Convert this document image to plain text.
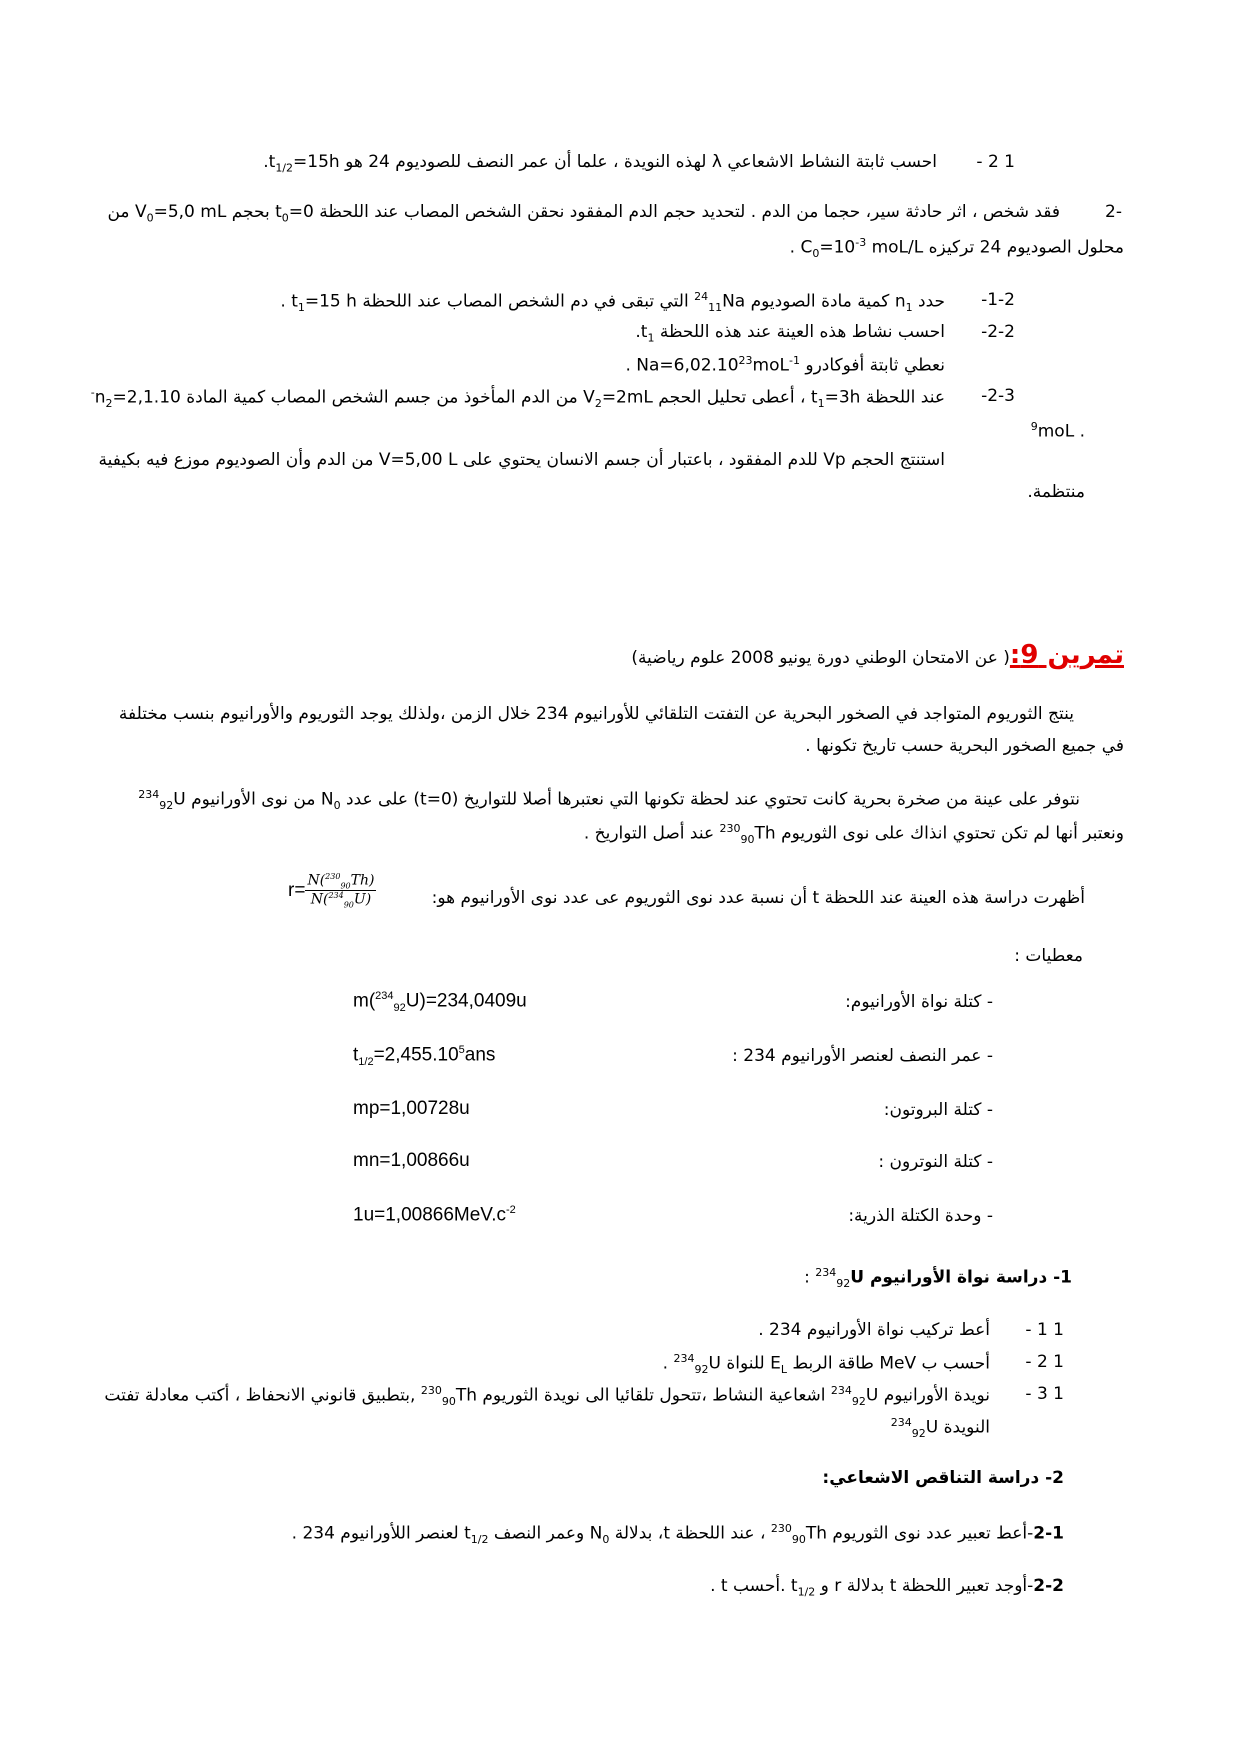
احسب ثابتة النشاط الاشعاعي λ لهذه النويدة ، علما أن عمر النصف للصوديوم 24 هو $t_{1/2}=15h$.	- 2 1
فقد شخص ، اثر حادثة سير، حجما من الدم . لتحديد حجم الدم المفقود نحقن الشخص المصاب عند اللحظة $t_0=0$ بحجم $V_0=5,0$ mL من	2-
محلول الصوديوم 24 تركيزه $C_0=10^{-3}$ moL/L .
حدد $n_1$ كمية مادة الصوديوم $^{24}_{11}$Na التي تبقى في دم الشخص المصاب عند اللحظة $t_1=15$ h .	-1-2
احسب نشاط هذه العينة عند هذه اللحظة $t_1$.	-2-2
نعطي ثابتة أفوكادرو $Na=6,02.10^{23}moL^{-1}$ .
عند اللحظة $t_1=3h$ ، أعطى تحليل الحجم $V_2=2mL$ من الدم المأخوذ من جسم الشخص المصاب كمية المادة $n_2=2,1.10^-$	-2-3
$^9$moL .
استنتج الحجم Vp للدم المفقود ، باعتبار أن جسم الانسان يحتوي على V=5,00 L من الدم وأن الصوديوم موزع فيه بكيفية
منتظمة.
تمرين 9:( عن الامتحان الوطني دورة يونيو 2008 علوم رياضية)
ينتج الثوريوم المتواجد في الصخور البحرية عن التفتت التلقائي للأورانيوم 234 خلال الزمن ،ولذلك يوجد الثوريوم والأورانيوم بنسب مختلفة
في جميع الصخور البحرية حسب تاريخ تكونها .
نتوفر على عينة من صخرة بحرية كانت تحتوي عند لحظة تكونها التي نعتبرها أصلا للتواريخ (t=0) على عدد $N_0$ من نوى الأورانيوم $^{234}_{92}$U
ونعتبر أنها لم تكن تحتوي انذاك على نوى الثوريوم $^{230}_{90}$Th عند أصل التواريخ .
أظهرت دراسة هذه العينة عند اللحظة t أن نسبة عدد نوى الثوريوم عى عدد نوى الأورانيوم هو:
معطيات :
1- دراسة نواة الأورانيوم $^{234}_{92}$U :
أعط تركيب نواة الأورانيوم 234 . - 1 1
أحسب ب MeV طاقة الربط $E_L$ للنواة $^{234}_{92}$U .	- 2 1
نويدة الأورانيوم $^{234}_{92}$U اشعاعية النشاط ،تتحول تلقائيا الى نويدة الثوريوم $^{230}_{90}$Th ,بتطبيق قانوني الانحفاظ ، أكتب معادلة تفتت	- 3 1
النويدة $^{234}_{92}$U
2- دراسة التناقص الاشعاعي:
2-1-أعط تعبير عدد نوى الثوريوم $^{230}_{90}$Th ، عند اللحظة t، بدلالة $N_0$ وعمر النصف $t_{1/2}$ لعنصر اللأورانيوم 234 .
2-2-أوجد تعبير اللحظة t بدلالة r و $t_{1/2}$ .أحسب t .
$r= \frac{N(^{230}_{90}Th)}{N(^{234}_{90}U)}$
- كتلة نواة الأورانيوم:
m($^{234}_{92}$U)=234,0409u
- عمر النصف لعنصر الأورانيوم 234 :
$t_{1/2}=2,455.10^5ans$
- كتلة البروتون:
mp=1,00728u
- كتلة النوترون :
mn=1,00866u
- وحدة الكتلة الذرية:
$1u=1,00866MeV.c^{-2}$
